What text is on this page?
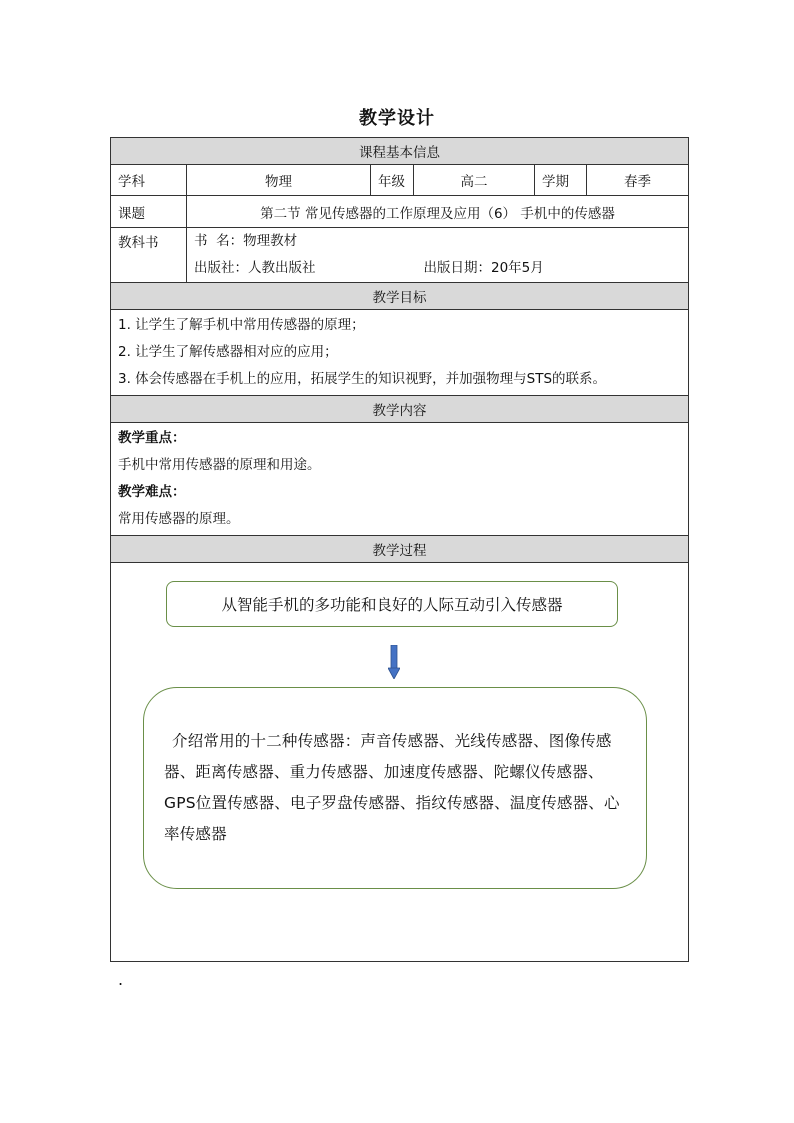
教学设计
课程基本信息					
学科	物理	年级	高二	学期	春季
课题	第二节 常见传感器的工作原理及应用（6） 手机中的传感器				
教科书	书  名：物理教材
出版社：人教出版社 出版日期：20年5月				

教学目标					

1. 让学生了解手机中常用传感器的原理；
2. 让学生了解传感器相对应的应用；
3. 体会传感器在手机上的应用，拓展学生的知识视野，并加强物理与STS的联系。					

教学内容					

教学重点：
手机中常用传感器的原理和用途。
教学难点：
常用传感器的原理。					

教学过程					

从智能手机的多功能和良好的人际互动引入传感器
介绍常用的十二种传感器：声音传感器、光线传感器、图像传感器、距离传感器、重力传感器、加速度传感器、陀螺仪传感器、GPS位置传感器、电子罗盘传感器、指纹传感器、温度传感器、心率传感器					
.
